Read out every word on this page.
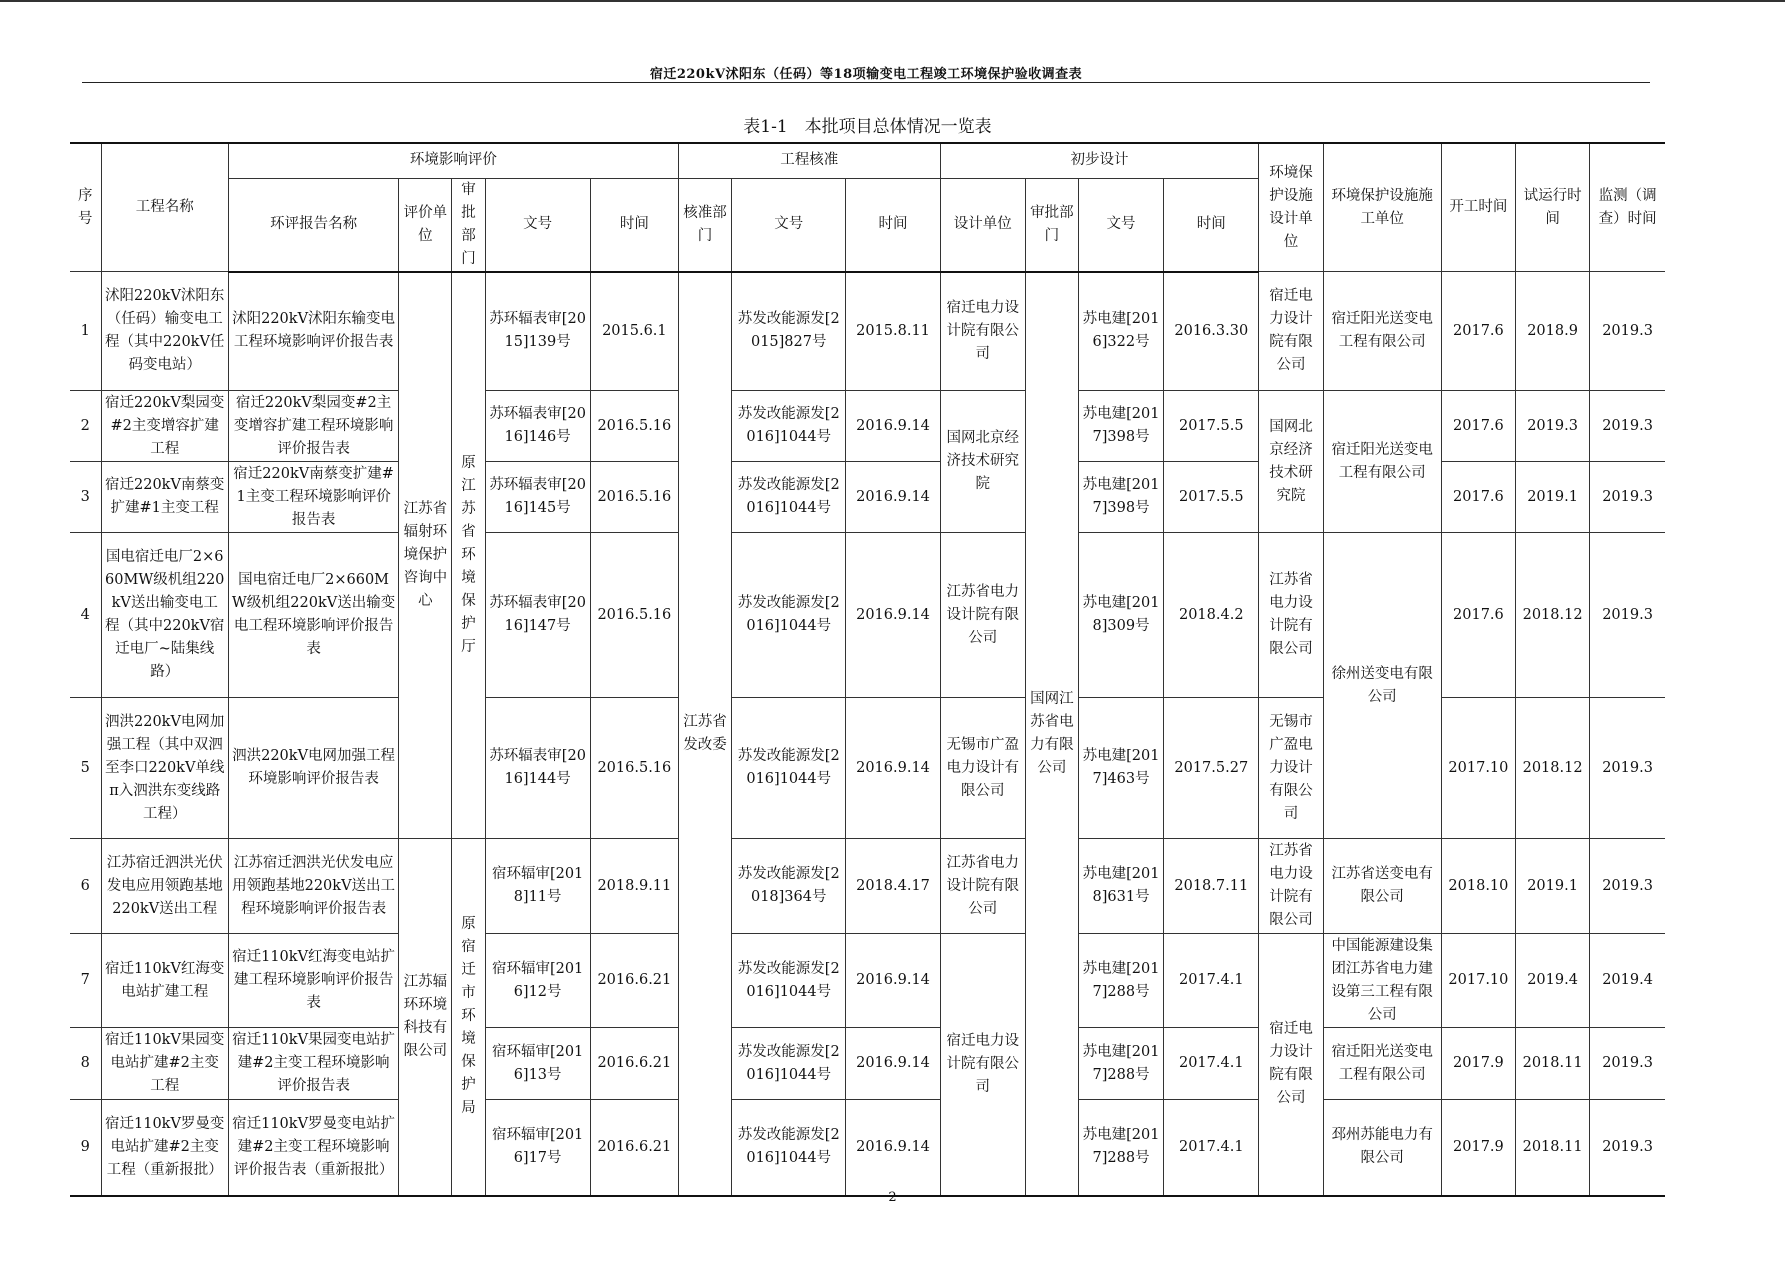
宿迁220kV沭阳东（任码）等18项输变电工程竣工环境保护验收调查表
表1-1　本批项目总体情况一览表
序号	工程名称	环境影响评价					工程核准			初步设计				环境保护设施设计单位	环境保护设施施工单位	开工时间	试运行时间	监测（调查）时间
		环评报告名称	评价单位	审批部门	文号	时间	核准部门	文号	时间	设计单位	审批部门	文号	时间					
1	沭阳220kV沭阳东（任码）输变电工程（其中220kV任码变电站）	沭阳220kV沭阳东输变电工程环境影响评价报告表	江苏省辐射环境保护咨询中心	原江苏省环境保护厅	苏环辐表审[2015]139号	2015.6.1	江苏省发改委	苏发改能源发[2015]827号	2015.8.11	宿迁电力设计院有限公司	国网江苏省电力有限公司	苏电建[2016]322号	2016.3.30	宿迁电力设计院有限公司	宿迁阳光送变电工程有限公司	2017.6	2018.9	2019.3
2	宿迁220kV梨园变#2主变增容扩建工程	宿迁220kV梨园变#2主变增容扩建工程环境影响评价报告表			苏环辐表审[2016]146号	2016.5.16		苏发改能源发[2016]1044号	2016.9.14	国网北京经济技术研究院		苏电建[2017]398号	2017.5.5	国网北京经济技术研究院	宿迁阳光送变电工程有限公司	2017.6	2019.3	2019.3
3	宿迁220kV南蔡变扩建#1主变工程	宿迁220kV南蔡变扩建#1主变工程环境影响评价报告表			苏环辐表审[2016]145号	2016.5.16		苏发改能源发[2016]1044号	2016.9.14			苏电建[2017]398号	2017.5.5			2017.6	2019.1	2019.3
4	国电宿迁电厂2×660MW级机组220kV送出输变电工程（其中220kV宿迁电厂~陆集线路）	国电宿迁电厂2×660MW级机组220kV送出输变电工程环境影响评价报告表			苏环辐表审[2016]147号	2016.5.16		苏发改能源发[2016]1044号	2016.9.14	江苏省电力设计院有限公司		苏电建[2018]309号	2018.4.2	江苏省电力设计院有限公司	徐州送变电有限公司	2017.6	2018.12	2019.3
5	泗洪220kV电网加强工程（其中双泗至李口220kV单线π入泗洪东变线路工程）	泗洪220kV电网加强工程环境影响评价报告表			苏环辐表审[2016]144号	2016.5.16		苏发改能源发[2016]1044号	2016.9.14	无锡市广盈电力设计有限公司		苏电建[2017]463号	2017.5.27	无锡市广盈电力设计有限公司		2017.10	2018.12	2019.3
6	江苏宿迁泗洪光伏发电应用领跑基地220kV送出工程	江苏宿迁泗洪光伏发电应用领跑基地220kV送出工程环境影响评价报告表	江苏辐环环境科技有限公司	原宿迁市环境保护局	宿环辐审[2018]11号	2018.9.11		苏发改能源发[2018]364号	2018.4.17	江苏省电力设计院有限公司		苏电建[2018]631号	2018.7.11	江苏省电力设计院有限公司	江苏省送变电有限公司	2018.10	2019.1	2019.3
7	宿迁110kV红海变电站扩建工程	宿迁110kV红海变电站扩建工程环境影响评价报告表			宿环辐审[2016]12号	2016.6.21		苏发改能源发[2016]1044号	2016.9.14	宿迁电力设计院有限公司		苏电建[2017]288号	2017.4.1	宿迁电力设计院有限公司	中国能源建设集团江苏省电力建设第三工程有限公司	2017.10	2019.4	2019.4
8	宿迁110kV果园变电站扩建#2主变工程	宿迁110kV果园变电站扩建#2主变工程环境影响评价报告表			宿环辐审[2016]13号	2016.6.21		苏发改能源发[2016]1044号	2016.9.14			苏电建[2017]288号	2017.4.1		宿迁阳光送变电工程有限公司	2017.9	2018.11	2019.3
9	宿迁110kV罗曼变电站扩建#2主变工程（重新报批）	宿迁110kV罗曼变电站扩建#2主变工程环境影响评价报告表（重新报批）			宿环辐审[2016]17号	2016.6.21		苏发改能源发[2016]1044号	2016.9.14			苏电建[2017]288号	2017.4.1		邳州苏能电力有限公司	2017.9	2018.11	2019.3
2
